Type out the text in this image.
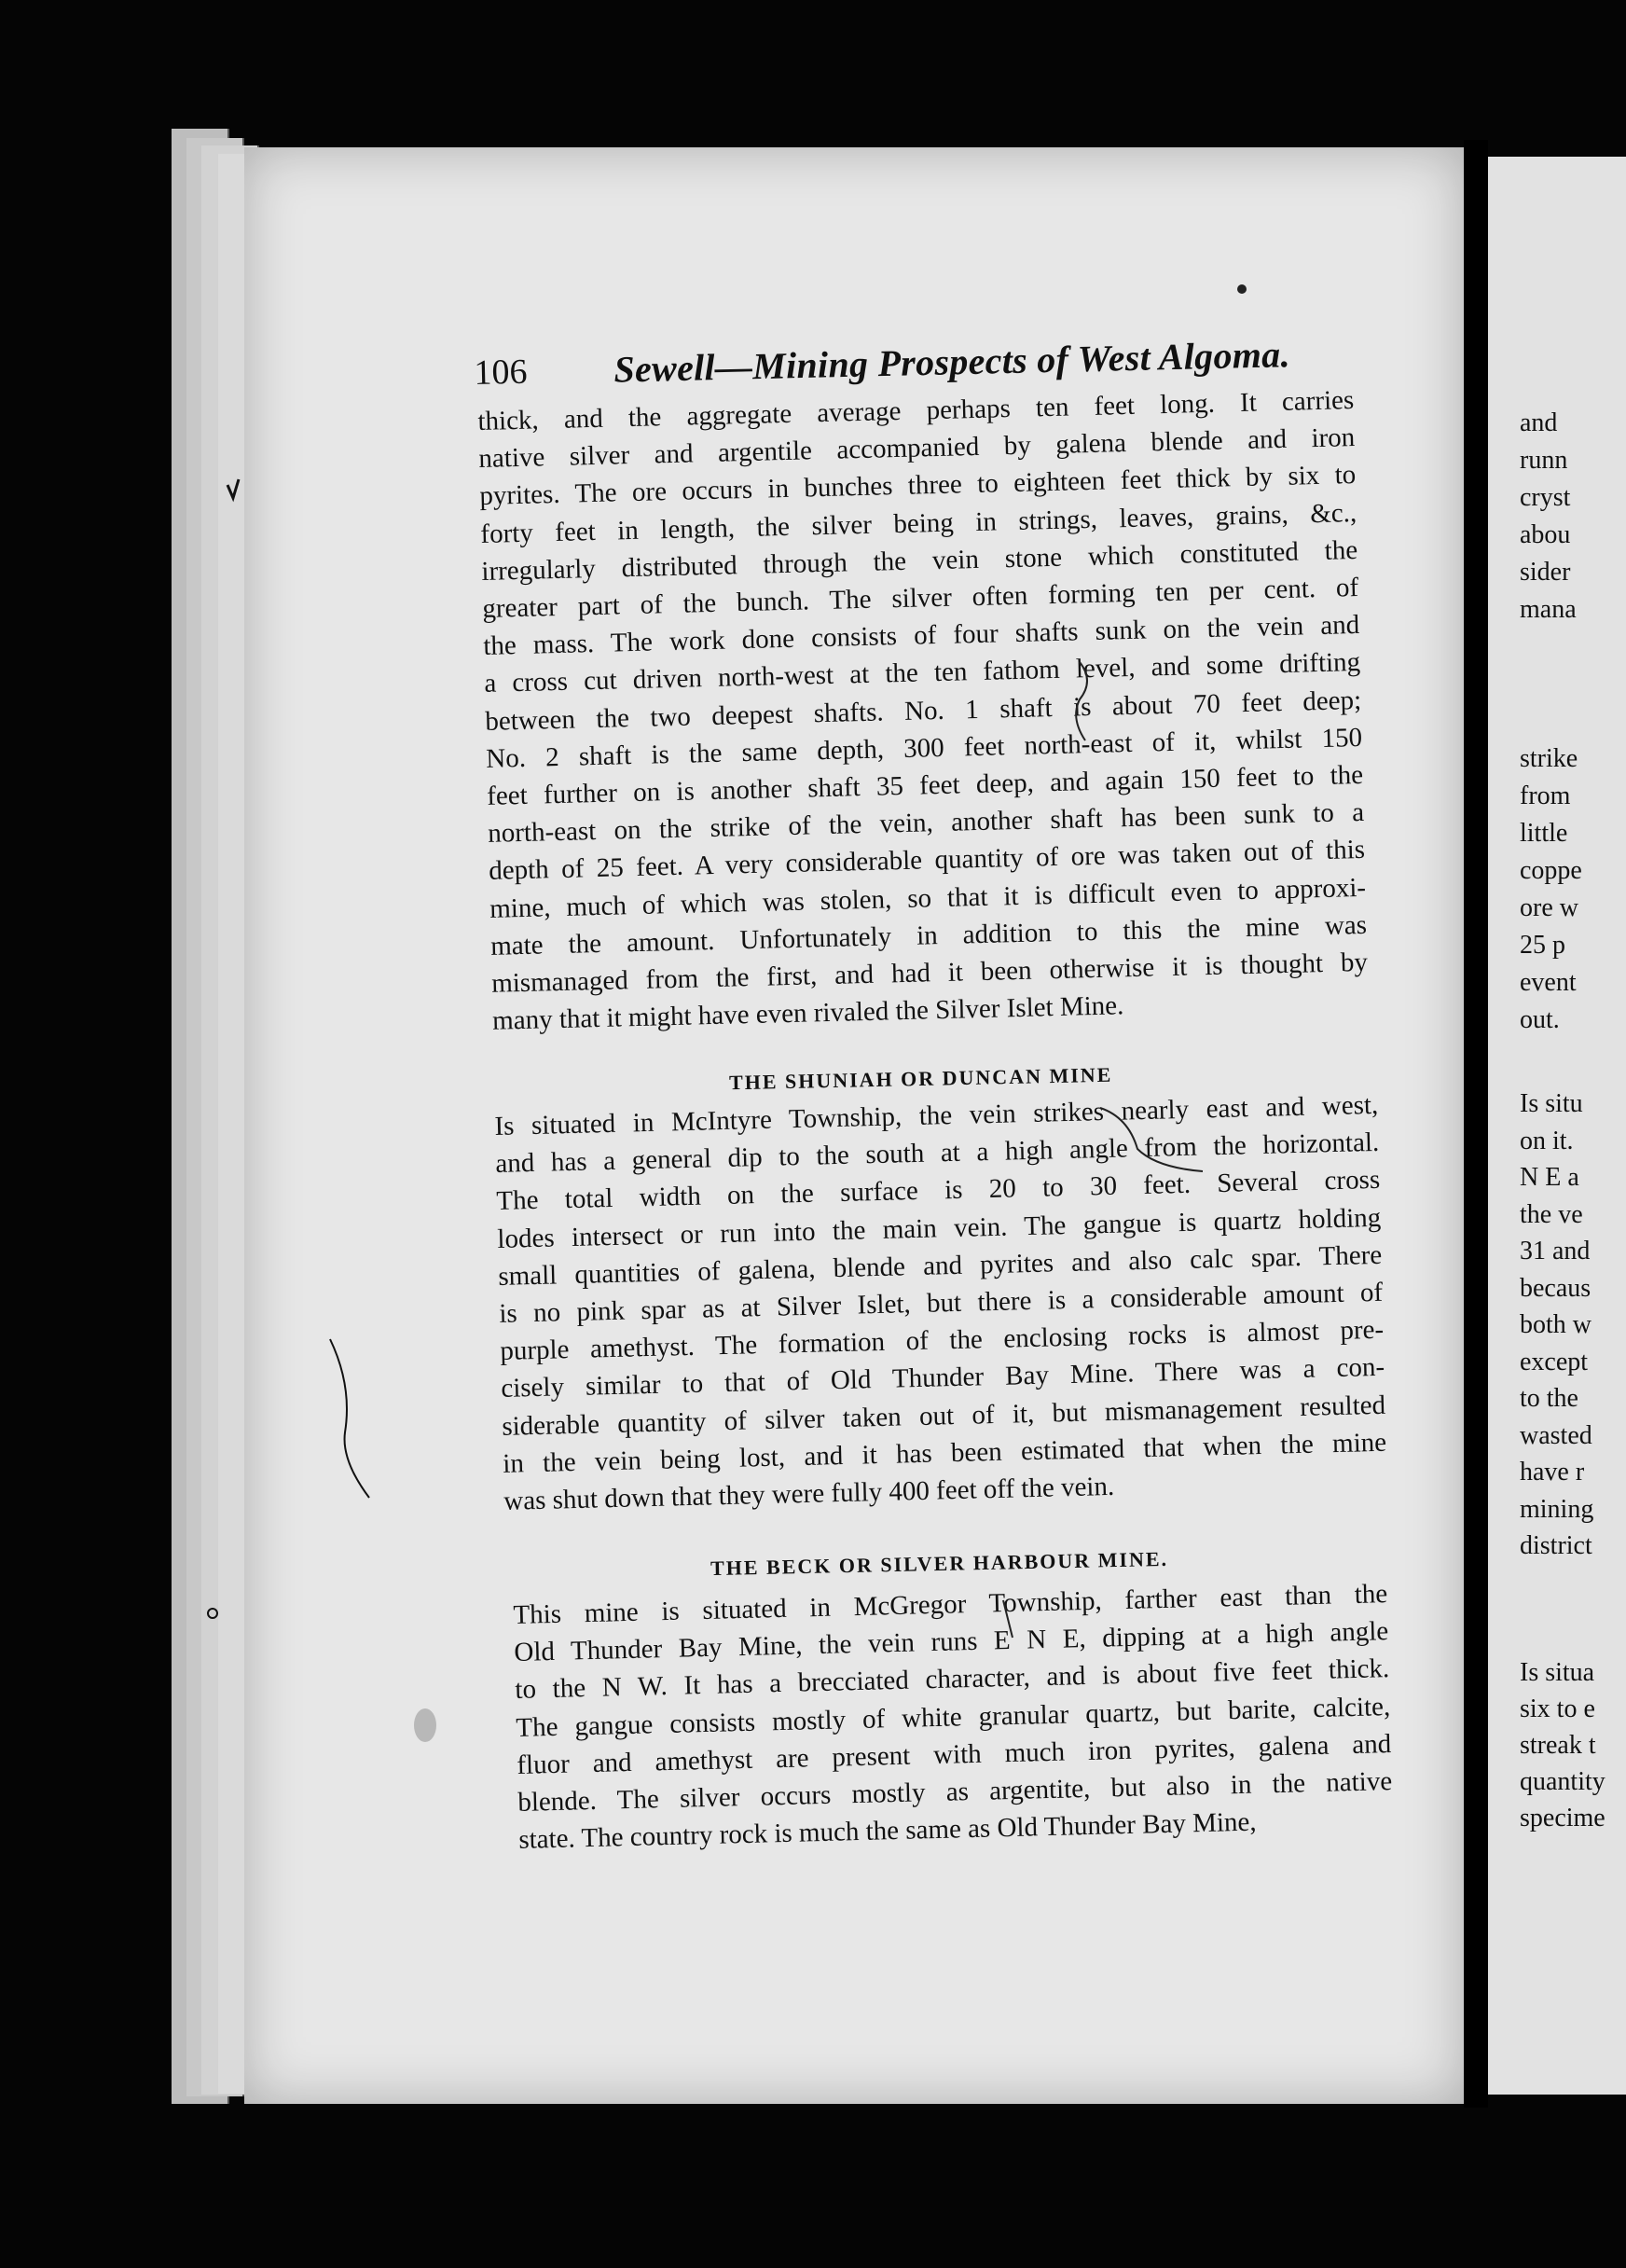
and
runn
cryst
abou
sider
mana
strike
from
little
coppe
ore w
25 p
event
out.
Is situ
on it.
N E a
the ve
31 and
becaus
both w
except
to the
wasted
have r
mining
district
Is situa
six to e
streak t
quantity
specime
106 Sewell—Mining Prospects of West Algoma.
thick, and the aggregate average perhaps ten feet long. It carries
native silver and argentile accompanied by galena blende and iron
pyrites. The ore occurs in bunches three to eighteen feet thick by six to
forty feet in length, the silver being in strings, leaves, grains, &c.,
irregularly distributed through the vein stone which constituted the
greater part of the bunch. The silver often forming ten per cent. of
the mass. The work done consists of four shafts sunk on the vein and
a cross cut driven north-west at the ten fathom level, and some drifting
between the two deepest shafts. No. 1 shaft is about 70 feet deep;
No. 2 shaft is the same depth, 300 feet north-east of it, whilst 150
feet further on is another shaft 35 feet deep, and again 150 feet to the
north-east on the strike of the vein, another shaft has been sunk to a
depth of 25 feet. A very considerable quantity of ore was taken out of this
mine, much of which was stolen, so that it is difficult even to approxi-
mate the amount. Unfortunately in addition to this the mine was
mismanaged from the first, and had it been otherwise it is thought by
many that it might have even rivaled the Silver Islet Mine.
THE SHUNIAH OR DUNCAN MINE
Is situated in McIntyre Township, the vein strikes nearly east and west,
and has a general dip to the south at a high angle from the horizontal.
The total width on the surface is 20 to 30 feet. Several cross
lodes intersect or run into the main vein. The gangue is quartz holding
small quantities of galena, blende and pyrites and also calc spar. There
is no pink spar as at Silver Islet, but there is a considerable amount of
purple amethyst. The formation of the enclosing rocks is almost pre-
cisely similar to that of Old Thunder Bay Mine. There was a con-
siderable quantity of silver taken out of it, but mismanagement resulted
in the vein being lost, and it has been estimated that when the mine
was shut down that they were fully 400 feet off the vein.
THE BECK OR SILVER HARBOUR MINE.
This mine is situated in McGregor Township, farther east than the
Old Thunder Bay Mine, the vein runs E N E, dipping at a high angle
to the N W. It has a brecciated character, and is about five feet thick.
The gangue consists mostly of white granular quartz, but barite, calcite,
fluor and amethyst are present with much iron pyrites, galena and
blende. The silver occurs mostly as argentite, but also in the native
state. The country rock is much the same as Old Thunder Bay Mine,
